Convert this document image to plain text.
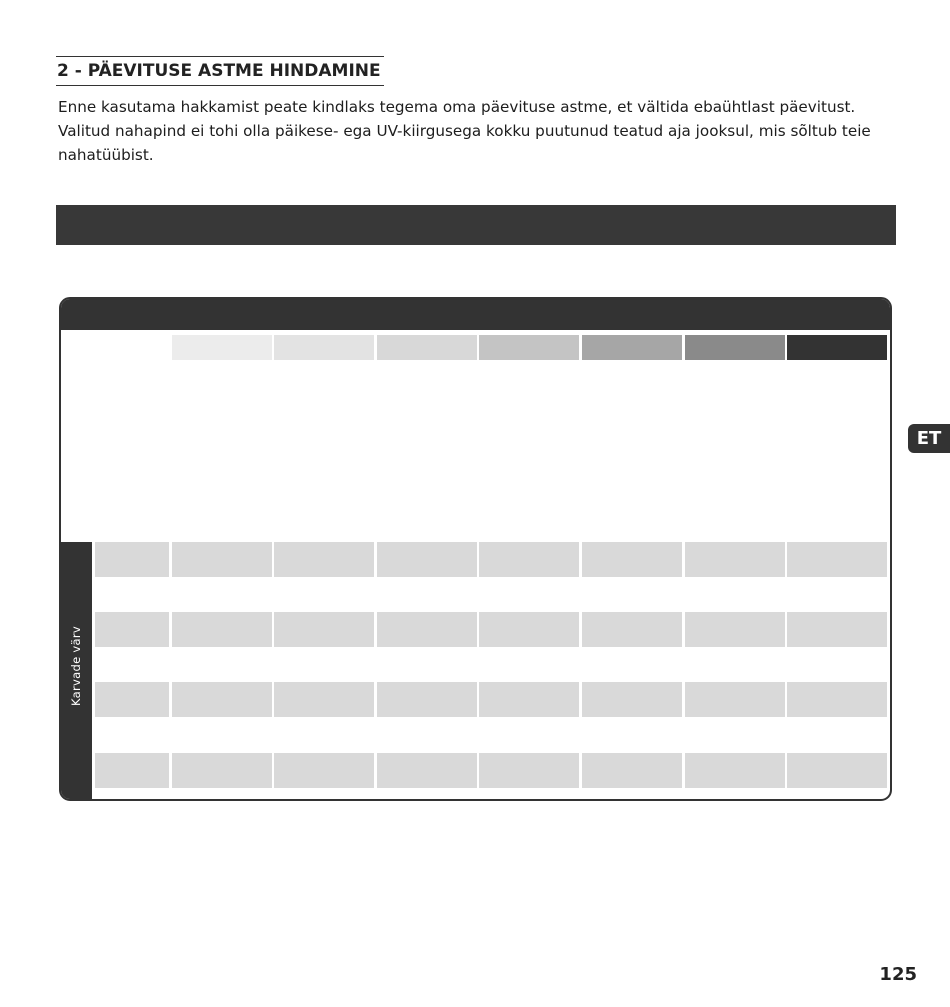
2 - PÄEVITUSE ASTME HINDAMINE
Enne kasutama hakkamist peate kindlaks tegema oma päevituse astme, et vältida ebaühtlast päevitust.
Valitud nahapind ei tohi olla päikese- ega UV-kiirgusega kokku puutunud teatud aja jooksul, mis sõltub teie
nahatüübist.
Karvade värv
ET
125
